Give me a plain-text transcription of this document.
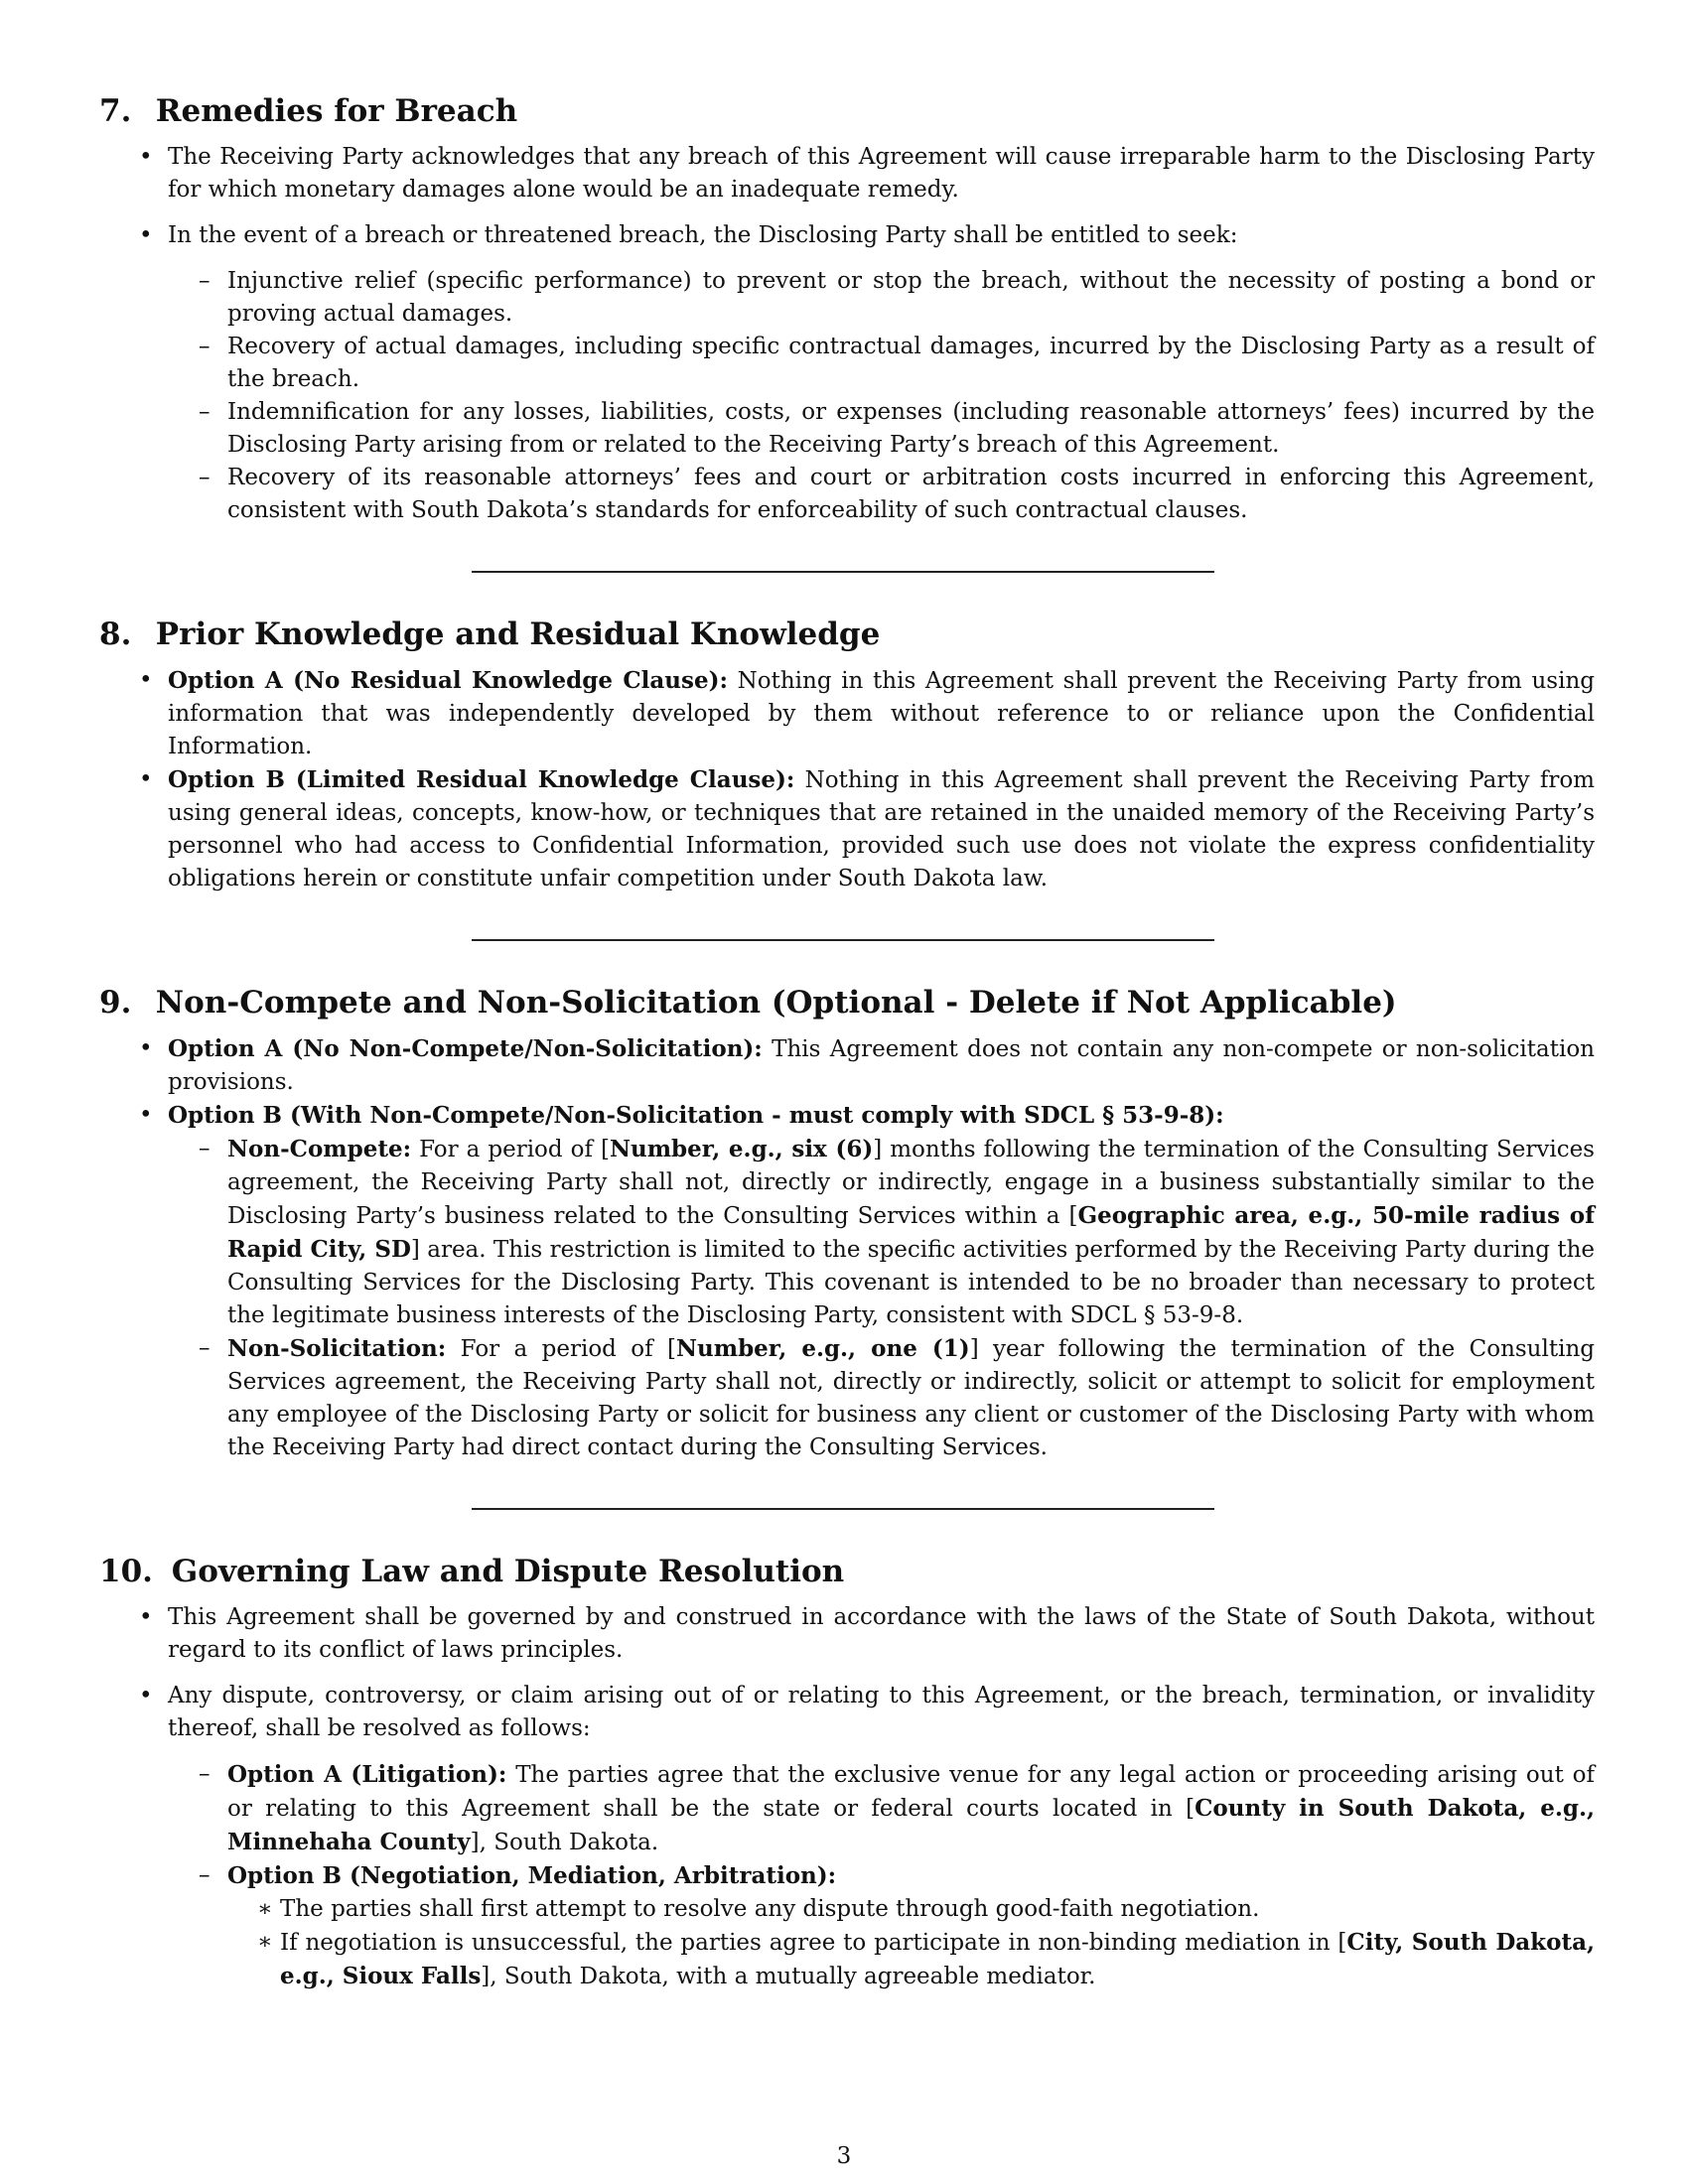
7. Remedies for Breach
• The Receiving Party acknowledges that any breach of this Agreement will cause irreparable harm to the Disclosing Party for which monetary damages alone would be an inadequate remedy.
• In the event of a breach or threatened breach, the Disclosing Party shall be entitled to seek:
– Injunctive relief (specific performance) to prevent or stop the breach, without the necessity of posting a bond or proving actual damages.
– Recovery of actual damages, including specific contractual damages, incurred by the Disclosing Party as a result of the breach.
– Indemnification for any losses, liabilities, costs, or expenses (including reasonable attorneys’ fees) incurred by the Disclosing Party arising from or related to the Receiving Party’s breach of this Agreement.
– Recovery of its reasonable attorneys’ fees and court or arbitration costs incurred in enforcing this Agreement, consistent with South Dakota’s standards for enforceability of such contractual clauses.
8. Prior Knowledge and Residual Knowledge
• Option A (No Residual Knowledge Clause): Nothing in this Agreement shall prevent the Receiving Party from using information that was independently developed by them without reference to or reliance upon the Confidential Information.
• Option B (Limited Residual Knowledge Clause): Nothing in this Agreement shall prevent the Receiving Party from using general ideas, concepts, know-how, or techniques that are retained in the unaided memory of the Receiving Party’s personnel who had access to Confidential Information, provided such use does not violate the express confidentiality obligations herein or constitute unfair competition under South Dakota law.
9. Non-Compete and Non-Solicitation (Optional - Delete if Not Applicable)
• Option A (No Non-Compete/Non-Solicitation): This Agreement does not contain any non-compete or non-solicitation provisions.
• Option B (With Non-Compete/Non-Solicitation - must comply with SDCL § 53-9-8):
– Non-Compete: For a period of [Number, e.g., six (6)] months following the termination of the Consulting Services agreement, the Receiving Party shall not, directly or indirectly, engage in a business substantially similar to the Disclosing Party’s business related to the Consulting Services within a [Geographic area, e.g., 50-mile radius of Rapid City, SD] area. This restriction is limited to the specific activities performed by the Receiving Party during the Consulting Services for the Disclosing Party. This covenant is intended to be no broader than necessary to protect the legitimate business interests of the Disclosing Party, consistent with SDCL § 53-9-8.
– Non-Solicitation: For a period of [Number, e.g., one (1)] year following the termination of the Consulting Services agreement, the Receiving Party shall not, directly or indirectly, solicit or attempt to solicit for employment any employee of the Disclosing Party or solicit for business any client or customer of the Disclosing Party with whom the Receiving Party had direct contact during the Consulting Services.
10. Governing Law and Dispute Resolution
• This Agreement shall be governed by and construed in accordance with the laws of the State of South Dakota, without regard to its conflict of laws principles.
• Any dispute, controversy, or claim arising out of or relating to this Agreement, or the breach, termination, or invalidity thereof, shall be resolved as follows:
– Option A (Litigation): The parties agree that the exclusive venue for any legal action or proceeding arising out of or relating to this Agreement shall be the state or federal courts located in [County in South Dakota, e.g., Minnehaha County], South Dakota.
– Option B (Negotiation, Mediation, Arbitration):
∗ The parties shall first attempt to resolve any dispute through good-faith negotiation.
∗ If negotiation is unsuccessful, the parties agree to participate in non-binding mediation in [City, South Dakota, e.g., Sioux Falls], South Dakota, with a mutually agreeable mediator.
3
